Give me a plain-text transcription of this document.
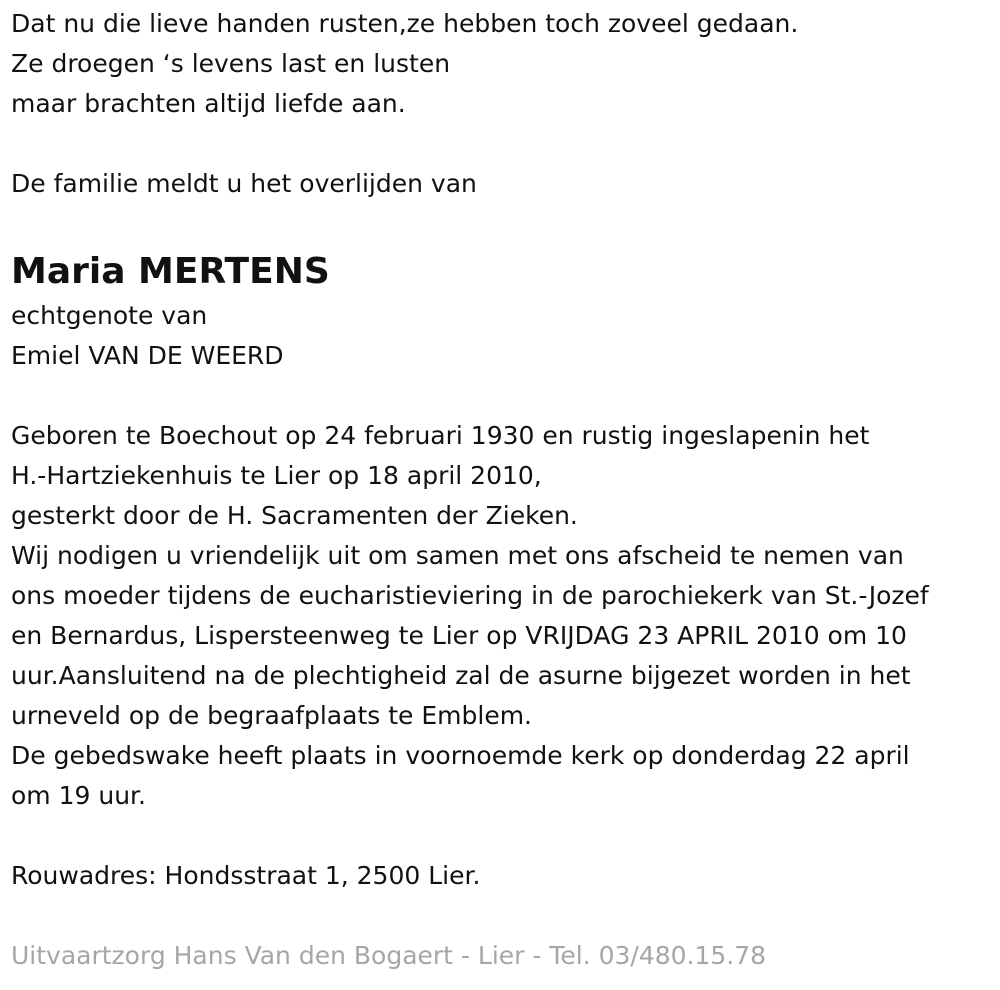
Dat nu die lieve handen rusten,ze hebben toch zoveel gedaan.
Ze droegen ‘s levens last en lusten
maar brachten altijd liefde aan.
De familie meldt u het overlijden van
Maria MERTENS
echtgenote van
Emiel VAN DE WEERD
Geboren te Boechout op 24 februari 1930 en rustig ingeslapenin het
H.-Hartziekenhuis te Lier op 18 april 2010,
gesterkt door de H. Sacramenten der Zieken.
Wij nodigen u vriendelijk uit om samen met ons afscheid te nemen van
ons moeder tijdens de eucharistieviering in de parochiekerk van St.-Jozef
en Bernardus, Lispersteenweg te Lier op VRIJDAG 23 APRIL 2010 om 10
uur.Aansluitend na de plechtigheid zal de asurne bijgezet worden in het
urneveld op de begraafplaats te Emblem.
De gebedswake heeft plaats in voornoemde kerk op donderdag 22 april
om 19 uur.
Rouwadres: Hondsstraat 1, 2500 Lier.
Uitvaartzorg Hans Van den Bogaert - Lier - Tel. 03/480.15.78
